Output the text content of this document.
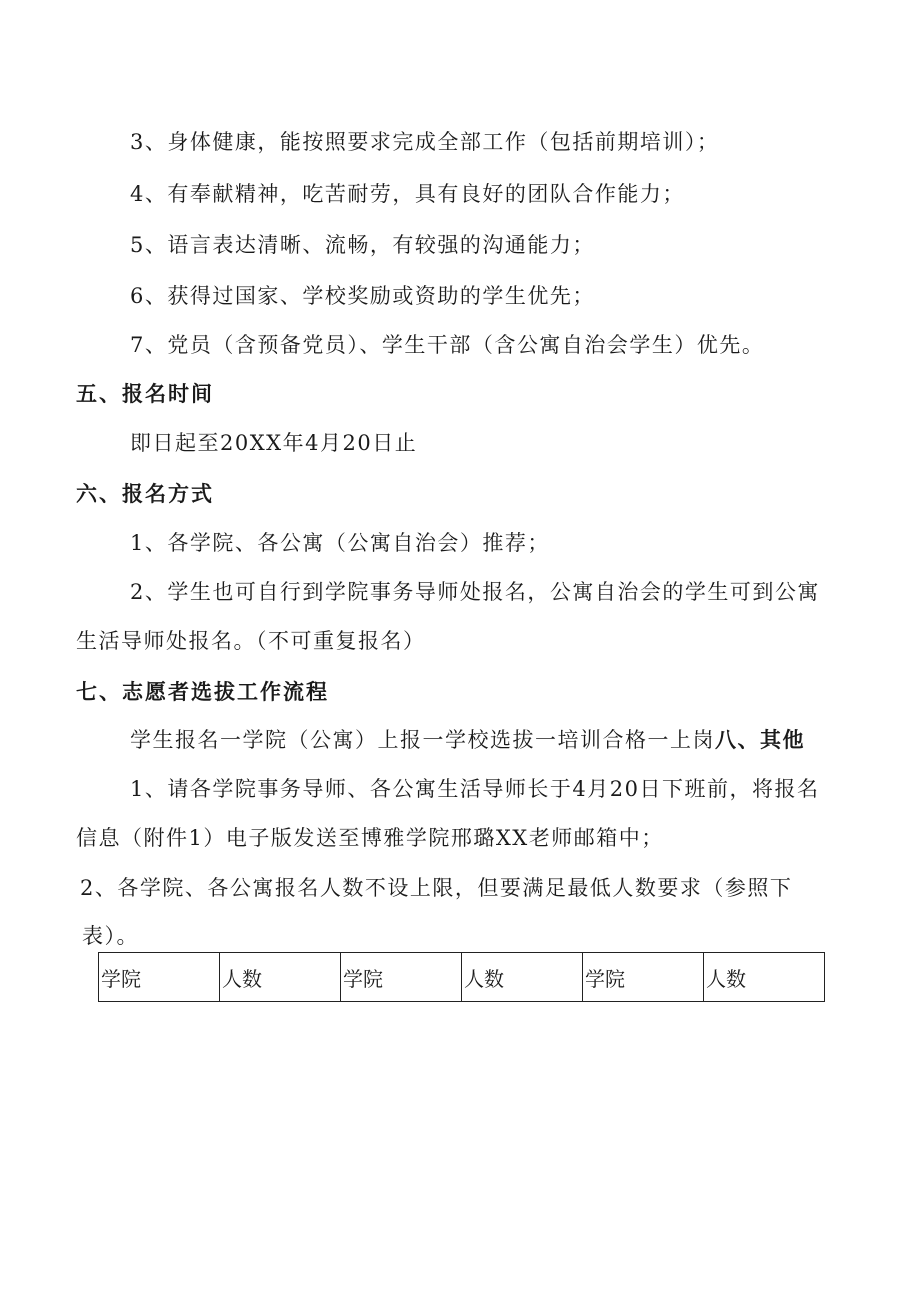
3、身体健康，能按照要求完成全部工作（包括前期培训）；
4、有奉献精神，吃苦耐劳，具有良好的团队合作能力；
5、语言表达清晰、流畅，有较强的沟通能力；
6、获得过国家、学校奖励或资助的学生优先；
7、党员（含预备党员）、学生干部（含公寓自治会学生）优先。
五、报名时间
即日起至20XX年4月20日止
六、报名方式
1、各学院、各公寓（公寓自治会）推荐；
2、学生也可自行到学院事务导师处报名，公寓自治会的学生可到公寓
生活导师处报名。（不可重复报名）
七、志愿者选拔工作流程
学生报名一学院（公寓）上报一学校选拔一培训合格一上岗八、其他
1、请各学院事务导师、各公寓生活导师长于4月20日下班前，将报名
信息（附件1）电子版发送至博雅学院邢璐XX老师邮箱中；
2、各学院、各公寓报名人数不设上限，但要满足最低人数要求（参照下
表）。
学院	人数	学院	人数	学院	人数
